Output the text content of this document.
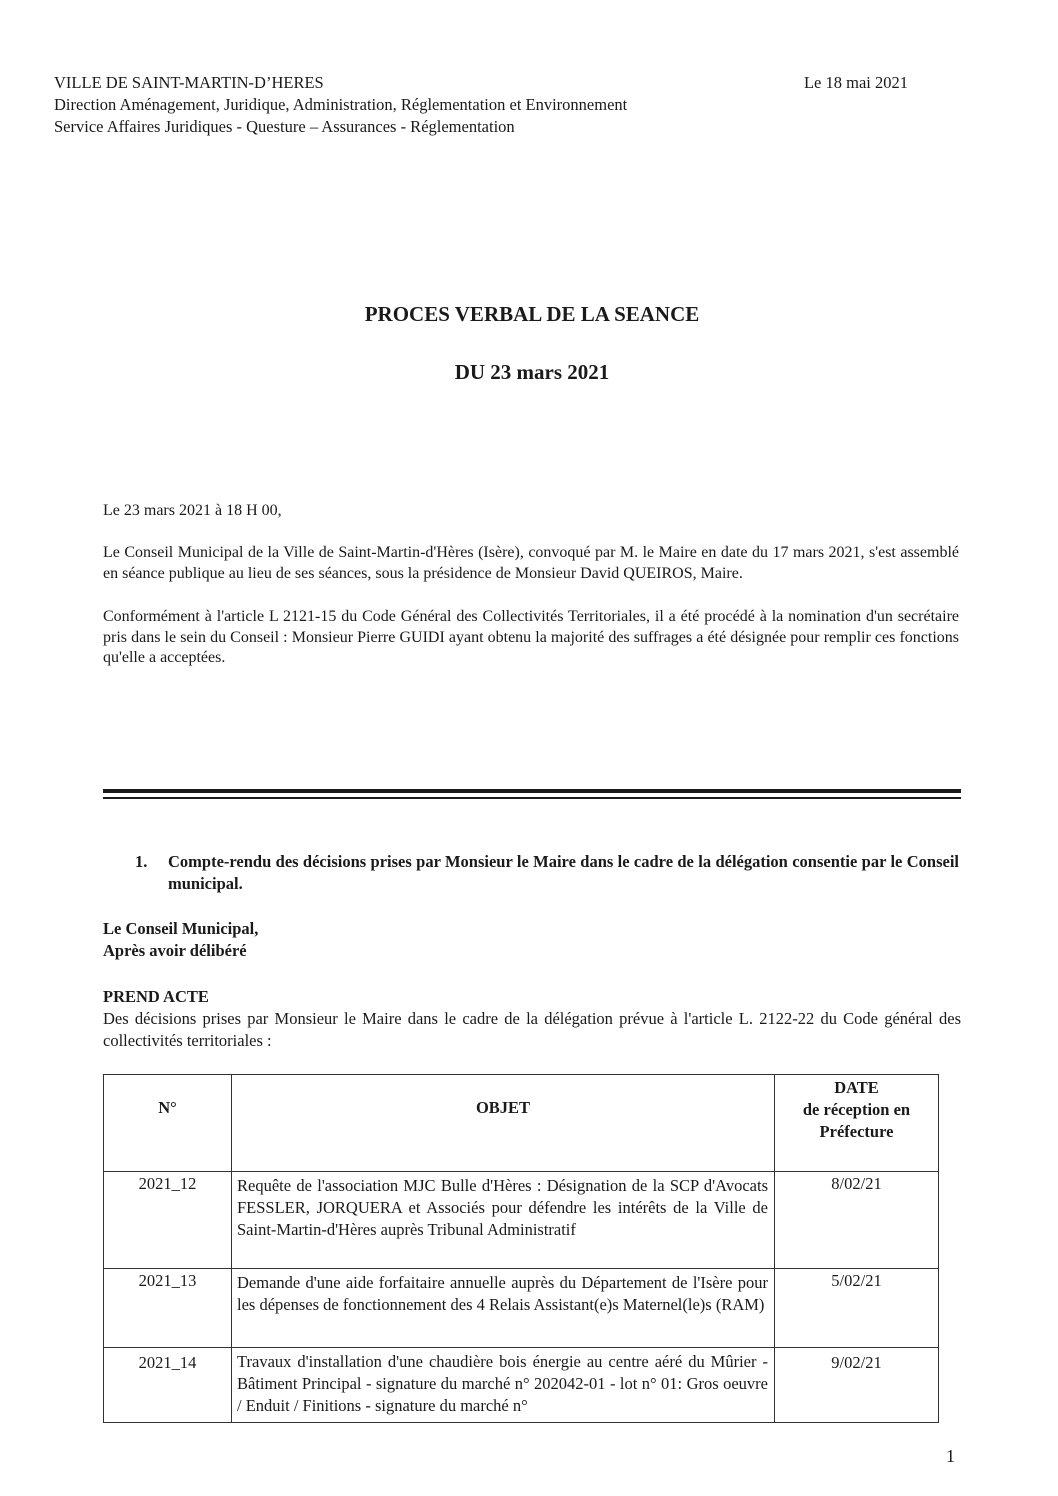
VILLE DE SAINT-MARTIN-D’HERES
Direction Aménagement, Juridique, Administration, Réglementation et Environnement
Service Affaires Juridiques - Questure – Assurances - Réglementation
Le 18 mai 2021
PROCES VERBAL DE LA SEANCE
DU 23 mars 2021
Le 23 mars 2021 à 18 H 00,
Le Conseil Municipal de la Ville de Saint-Martin-d'Hères (Isère), convoqué par M. le Maire en date du 17 mars 2021, s'est assemblé en séance publique au lieu de ses séances, sous la présidence de Monsieur David QUEIROS, Maire.
Conformément à l'article L 2121-15 du Code Général des Collectivités Territoriales, il a été procédé à la nomination d'un secrétaire pris dans le sein du Conseil : Monsieur Pierre GUIDI ayant obtenu la majorité des suffrages a été désignée pour remplir ces fonctions qu'elle a acceptées.
1. Compte-rendu des décisions prises par Monsieur le Maire dans le cadre de la délégation consentie par le Conseil municipal.
Le Conseil Municipal,
Après avoir délibéré
PREND ACTE
Des décisions prises par Monsieur le Maire dans le cadre de la délégation prévue à l'article L. 2122-22 du Code général des collectivités territoriales :
N°	OBJET	DATE
de réception en
Préfecture

2021_12	Requête de l'association MJC Bulle d'Hères : Désignation de la SCP d'Avocats FESSLER, JORQUERA et Associés pour défendre les intérêts de la Ville de Saint-Martin-d'Hères auprès Tribunal Administratif	8/02/21
2021_13	Demande d'une aide forfaitaire annuelle auprès du Département de l'Isère pour les dépenses de fonctionnement des 4 Relais Assistant(e)s Maternel(le)s (RAM)	5/02/21
2021_14	Travaux d'installation d'une chaudière bois énergie au centre aéré du Mûrier - Bâtiment Principal - signature du marché n° 202042-01 - lot n° 01: Gros oeuvre / Enduit / Finitions - signature du marché n°	9/02/21
1
